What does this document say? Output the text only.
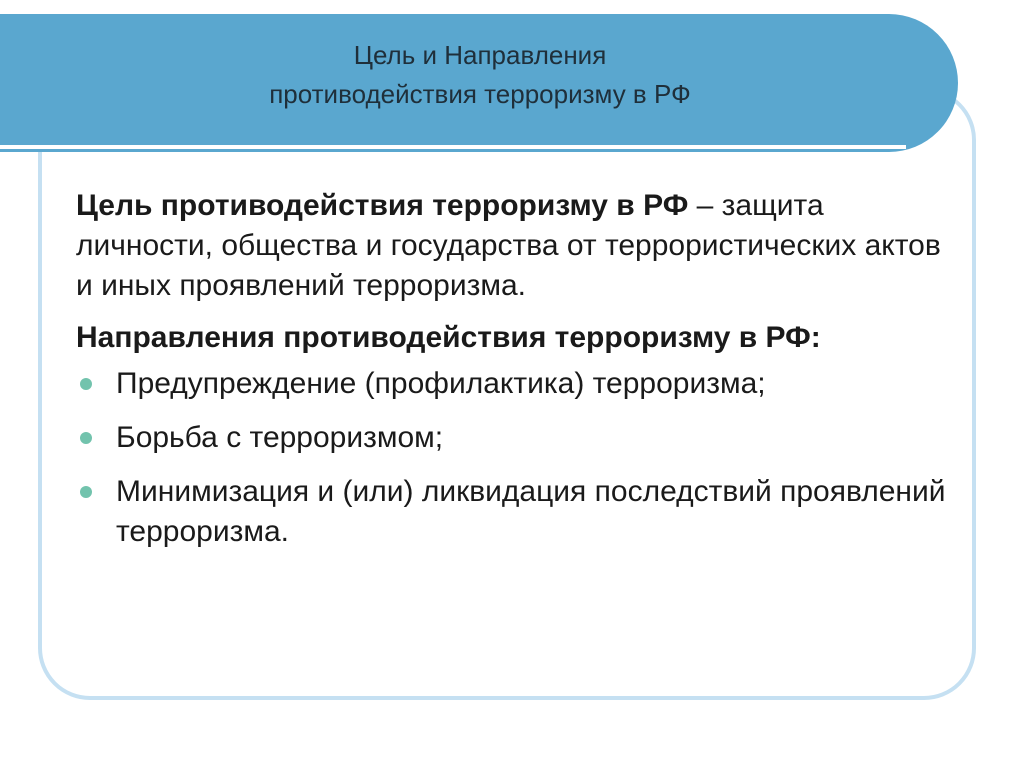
Цель и Направления
противодействия терроризму в РФ

Цель противодействия терроризму в РФ – защита личности, общества и государства от террористических актов и иных проявлений терроризма.

Направления противодействия терроризму в РФ:
Предупреждение (профилактика) терроризма;
Борьба с терроризмом;
Минимизация и (или) ликвидация последствий проявлений терроризма.
